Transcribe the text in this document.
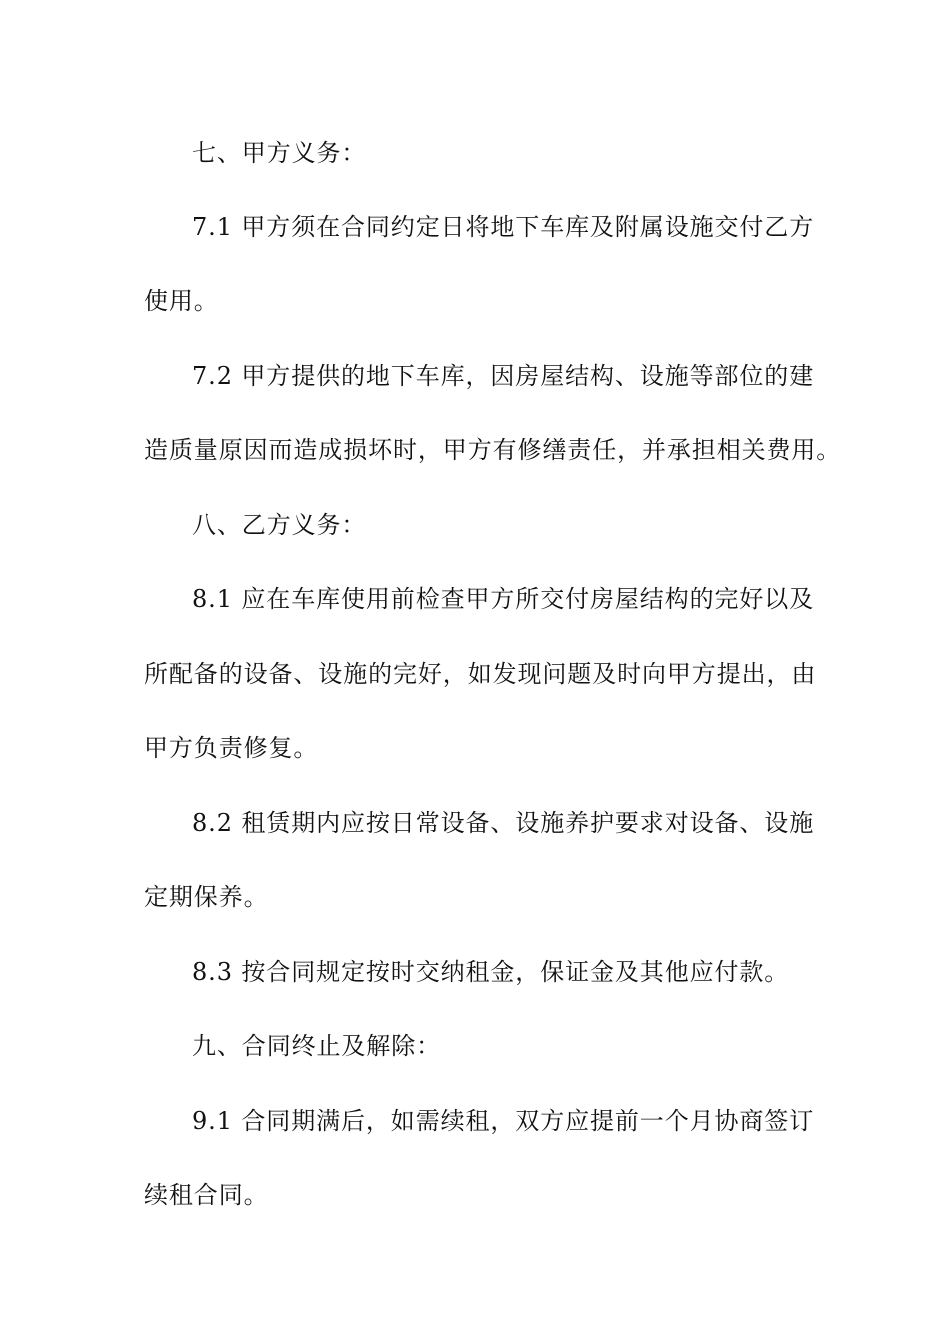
七、甲方义务：
7.1 甲方须在合同约定日将地下车库及附属设施交付乙方
使用。
7.2 甲方提供的地下车库，因房屋结构、设施等部位的建
造质量原因而造成损坏时，甲方有修缮责任，并承担相关费用。
八、乙方义务：
8.1 应在车库使用前检查甲方所交付房屋结构的完好以及
所配备的设备、设施的完好，如发现问题及时向甲方提出，由
甲方负责修复。
8.2 租赁期内应按日常设备、设施养护要求对设备、设施
定期保养。
8.3 按合同规定按时交纳租金，保证金及其他应付款。
九、合同终止及解除：
9.1 合同期满后，如需续租，双方应提前一个月协商签订
续租合同。
